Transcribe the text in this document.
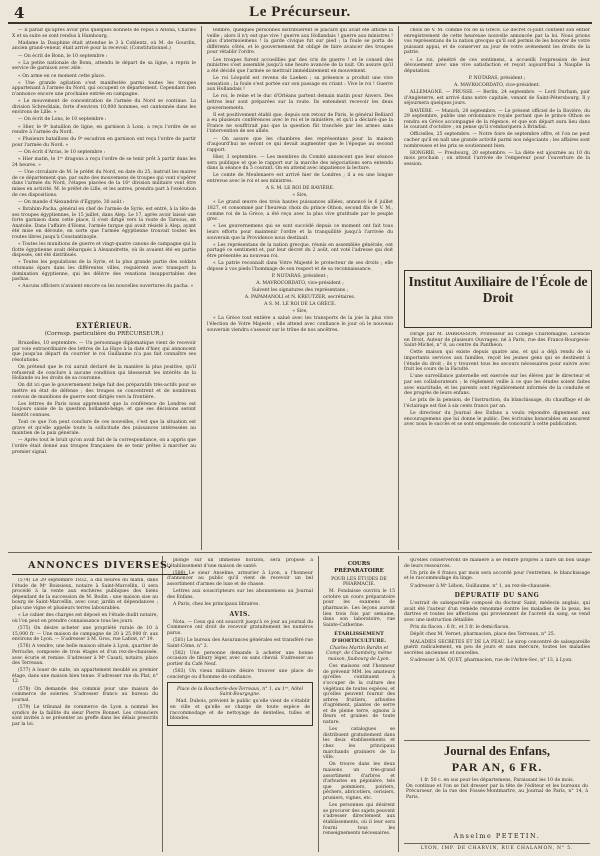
4	Le Précurseur.

— Il paraît qu'après avoir pris quelques bonnets de repos à Altona, Charles X et sa suite se sont rendus à Hambourg.

Madame la Dauphine était attendue le 3 à Coblentz, où M. de Gourdin, ancien grand-veneur, était arrivé pour la recevoir. (Constitutionnel.)

— On écrit de Bonn, le 10 septembre :

« La petite nationale de Bonn, attendu le départ de sa ligne, a repris le service de garnison avec zèle.

« On arme en ce moment cette place.

« Une grande agitation s'est manifestée parmi toutes les troupes appartenant à l'armée du Nord, qui occupent ce département. Cependant rien n'annonce encore une prochaine entrée en campagne.

« Le mouvement de concentration de l'armée du Nord se continue. La division Schrecklain, forte d'environ 10,000 hommes, est cantonnée dans les environs de Lille. »

— On écrit de Lons, le 10 septembre :

« Hier, le 9ᵉ bataillon de ligne, en garnison à Lons, a reçu l'ordre de se rendre à l'armée du Nord.

« Plusieurs bataillons du 9ᵉ escadron en garnison ont reçu l'ordre de partir pour l'armée du Nord. »

— On écrit d'Arras, le 10 septembre :

« Hier matin, le 1ᵉʳ dragons a reçu l'ordre de se tenir prêt à partir dans les 24 heures. »

— Une circulaire de M. le préfet du Nord, en date du 25, instruit les maires de ce département que, par suite des mouvemens de troupes qui vont s'opérer dans l'armée du Nord, l'étapes placées de la 16ᵉ division militaire vont être mises en activité. M. le préfet de Lille, et les autres, prendra part à l'exécution de ces dispositions.

— On mande d'Alexandrie d'Égypte, 30 août :

« Ibrahim-Pacha, général en chef de l'armée de Syrie, est entré, à la tête de ses troupes égyptiennes, le 15 juillet, dans Alep. Le 17, après avoir laissé une forte garnison dans cette place, il s'est dirigé vers la route de Tarsous, en Anatolie. Dans l'affaire d'Homs, l'armée turque qui avait résisté à Alep, ayant été mise en déroute, en sorte que l'armée égyptienne trouvait toutes les routes libres jusqu'à Constantinople.

« Toutes les munitions de guerre et vingt-quatre canons de campagne qui la flotte égyptienne avait débarqués à Alexandrette, où ils avaient été en partie disposés, ont été distribués.

« Toutes les populations de la Syrie, et la plus grande partie des soldats ottomans épars dans les différentes villes, requièrent avec transport la domination égyptienne, qui les délivre des vexations insupportables des pachas.

« Aucuns officiers n'avaient encore su les nouvelles ouvertures du pacha. »

EXTÉRIEUR.
(Corresp. particulière du PRÉCURSEUR.)

Bruxelles, 10 septembre. — Un personnage diplomatique vient de recevoir par voie extraordinaire des lettres de La Haye à la date d'hier, qui annoncent que jusqu'au départ du courrier le roi Guillaume n'a pas fait connaître ses résolutions.

On prétend que le roi aurait déclaré de la manière la plus positive, qu'il refuserait de conclure à aucune condition qui blesserait les intérêts de la Hollande ou les droits de sa couronne.

On dit ici que le gouvernement belge fait des préparatifs très-actifs pour se mettre en état de défense ; des troupes se concentrent et de nombreux convois de munitions de guerre sont dirigés vers la frontière.

Les lettres de Paris nous apprennent que la conférence de Londres est toujours saisie de la question hollando-belge, et que ses décisions seront bientôt connues.

Tout ce que l'on peut conclure de ces nouvelles, c'est que la situation est grave et qu'elle appelle toute la sollicitude des puissances intéressées au maintien de la paix générale.

— Après tout le bruit qu'on avait fait de la correspondance, on a appris que l'ordre était donné aux troupes françaises de se tenir prêtes à marcher au premier signal.

tembre, quelques personnes distribuèrent le placard qui avait été affiché la veille ; alors il n'y eut que vive ! guerre aux Hollandais ! guerre aux ministres ! plus d'atermoiemens ! la garde civique fut sur pied ; la foule se porta de différents côtés, et le gouvernement fut obligé de faire avancer des troupes pour rétablir l'ordre.

Les troupes furent accueillies par des cris de guerre ! et le conseil des ministres s'est assemblé jusqu'à une heure avancée de la nuit. On assure qu'il a été décidé que l'armée se mettrait immédiatement en mouvement.

Le roi Léopold est revenu de Laeken ; sa présence a produit une vive sensation ; la foule s'est portée sur son passage en criant : Vive le roi ! Guerre aux Hollandais !

Le roi, le reine et le duc d'Orléans partent demain matin pour Anvers. Des lettres leur sont préparées sur la route. Ils entendent recevoir les deux gouvernements.

Il est positivement établi que, depuis son retour de Paris, le général Belliard a eu plusieurs conférences avec le roi et le ministère, et qu'il a déclaré que la France ne souffrirait pas que la question fût tranchée par les armes sans l'intervention de ses alliés.

— On assure que les chambres des représentans pour la maison d'aujourd'hui ne seront ce qui devait augmenter que le l'époque au second rapport.

Hier, 3 septembre. — Les membres du Comité annoncent que leur séance sera publique et que le rapport sur la marche des négociations sera entendu dans la séance du 5 courant. On en attend avec impatience la lecture.

Le comte de Meulenaere est arrivé hier de Londres ; il a eu une longue entrevue avec le roi et ses ministres.

A S. M. LE ROI DE BAVIÈRE.

« Sire,

« Le grand œuvre des trois hautes puissances alliées, annoncé le 6 juillet 1827, et consommé par l'heureux choix du prince Othon, second fils de V. M., comme roi de la Grèce, a été reçu avec la plus vive gratitude par le peuple grec.

« Les gouvernemens qui se sont succédé depuis ce moment ont fait tous leurs efforts pour maintenir l'ordre et la tranquillité jusqu'à l'arrivée du souverain que la Providence nous destinait.

« Les représentans de la nation grecque, réunis en assemblée générale, ont partagé ce sentiment et, par leur décret du 2 août, ont voté l'adresse qui doit être présentée au nouveau roi.

« La patrie reconnaît dans Votre Majesté le protecteur de ses droits ; elle dépose à vos pieds l'hommage de son respect et de sa reconnaissance.

P. NOTARAS, président ;

A. MAVROCORDATO, vice-président ;

Suivent les signatures des représentans ;

A. PAPAMANOLI et N. KREUTZER, secrétaires.

A S. M. LE ROI DE LA GRÈCE.

« Sire,

« La Grèce tout entière a salué avec les transports de la joie la plus vive l'élection de Votre Majesté ; elle attend avec confiance le jour où le nouveau souverain viendra s'asseoir sur le trône de nos ancêtres.

choix de V. M. comme roi de la Grèce. Le décret ci-joint contient son entier enregistrement de cette heureuse nouvelle annoncée par la loi. Nous prions vos représentans de la nation grecque qu'il soit permis de les honorer de votre puissant appui, et de conserver au jour de votre avénement les droits de la patrie.

« Le roi, pénétré de ces sentimens, a accueilli l'expression de leur dévouement avec une vive satisfaction et reçoit aujourd'hui à Nauplie la députation.

P. NOTARAS, président ;

A. MAVROCORDATO, vice-président.

ALLEMAGNE. — PRUSSE. — Berlin, 24 septembre. — Lord Durham, pair d'Angleterre, est arrivé dans notre capitale, venant de Saint-Pétersbourg. Il y séjournera quelques jours.

BAVIÈRE. — Munich, 28 septembre. — Le présent officiel de la Bavière, du 29 septembre, publie une ordonnance royale portant que le prince Othon se rendra en Grèce accompagné de la régence, et que son départ aura lieu dans le courant d'octobre ; on pense qu'il s'embarquera à Brindisi.

Officielles, 25 septembre. — Notre foire de septembre offre, et l'on ne peut cacher qu'il en naît une grande activité parmi nos négociants ; les affaires sont nombreuses et les prix se soutiennent bien.

HONGRIE. — Presbourg, 20 septembre. — La diète est ajournée au 10 du mois prochain ; on attend l'arrivée de l'empereur pour l'ouverture de la session.

Institut Auxiliaire de l'École de Droit

Dirigé par M. DARRASSON, Professeur au Collège Charlemagne, Licencié en Droit, Auteur de plusieurs Ouvrages, né à Paris, rue des Francs-Bourgeois-Saint-Michel, n° 8, au centre du Panthéon.

Cette maison qui existe depuis quatre ans, et qui a déjà rendu de si importants services aux familles, reçoit les jeunes gens qui se destinent à l'étude du droit ; ils y trouvent tous les secours nécessaires pour suivre avec fruit les cours de la Faculté.

L'une surveillance paternelle est exercée sur les élèves par le directeur et par ses collaborateurs ; le règlement veille à ce que les études soient faites avec exactitude, et les parents sont régulièrement informés de la conduite et des progrès de leurs enfans.

Le prix de la pension, de l'instruction, du blanchissage, du chauffage et de l'éclairage est fixé à six cents francs par an.

Le directeur du Journal des Enfans a voulu répondre dignement aux encouragemens que lui donne le public. Des écrivains honorables en assurent avec nous le succès et se sont empressés de concourir à cette publication.

ANNONCES DIVERSES.

(574) Le 29 septembre 1832, à dix heures du matin, dans l'étude de Mᵉ Boissieux, notaire à Saint-Marcellin, il sera procédé à la vente aux enchères publiques des biens dépendant de la succession de M. Bodin : une maison sise au bourg de Saint-Marcellin, avec cour, jardin et dépendances ; plus une vigne et plusieurs terres labourables.

« Le cahier des charges est déposé en l'étude dudit notaire, où l'on peut en prendre connaissance tous les jours.

(575) On désire acheter une propriété rurale de 10 à 15,000 fr. — Une maison de campagne de 20 à 25,000 fr. aux environs de Lyon. — S'adresser à M. Gros, rue Lafont, n° 19.

(576) A vendre, une belle maison située à Lyon, quartier de Perrache, composée de trois étages et d'un rez-de-chaussée, avec écurie et remise. S'adresser à Mᵉ Casati, notaire, place des Terreaux.

(577) A louer de suite, un appartement meublé au premier étage, dans une maison bien tenue. S'adresser rue du Plat, n° 12.

(578) On demande des commis pour une maison de commerce de soieries. S'adresser franco au bureau du journal.

(579) Le tribunal de commerce de Lyon a nommé les syndics de la faillite du sieur Pierre Bonnet. Les créanciers sont invités à se présenter au greffe dans les délais prescrits par la loi.

plongé sur un immense horizon, sera proposé à l'établissement d'une maison de santé.

(580) Le sieur Anselme, armurier à Lyon, a l'honneur d'annoncer au public qu'il vient de recevoir un bel assortiment d'armes de luxe et de chasse.

Lettres aux souscripteurs sur les abonnemens au Journal des Enfans.

A Paris, chez les principaux libraires.

AVIS.

Nota. — Ceux qui ont souscrit jusqu'à ce jour au journal du Commerce ont droit de recevoir gratuitement les numéros parus.

(581) Le bureau des Assurances générales est transféré rue Saint-Côme, n° 2.

(582) Une personne demande à acheter une bonne occasion de tilbury léger, avec ou sans cheval. S'adresser au portier du Café Neuf.

(583) Un vieux militaire désire trouver une place de concierge ou d'homme de confiance.

Place de la Boucherie-des-Terreaux, n° 1, au 1ᵉʳ, hôtel Saint-Bourgogne.

Mad. Dubois, prévient le public qu'elle vient de s'établir en ville et qu'elle se charge de toute espèce de raccommodage et de nettoyage de dentelles, tulles et blondes.

COURS PRÉPARATOIRE

POUR LES ÉTUDES DE PHARMACIE.

M. Fondaisse ouvrira le 15 octobre un cours préparatoire pour les examens de pharmacie. Les leçons auront lieu trois fois par semaine, dans son laboratoire, rue Sainte-Catherine.

ÉTABLISSEMENT D'HORTICULTURE.

Charles Martin Bardin et Compᵉ, de Chambéry, même maison, faubourg de Lyon.

Ces maisons ont l'honneur de prévenir MM. les amateurs qu'elles continuent à s'occuper de la culture des végétaux de toutes espèces, et qu'elles peuvent fournir des arbres fruitiers, arbustes d'agrément, plantes de serre et de pleine terre, ognons à fleurs et graines de toute nature.

Les catalogues se distribuent gratuitement dans les deux établissements et chez les principaux marchands grainiers de la ville.

On trouve dans les deux maisons un très-grand assortiment d'arbres et d'arbustes en pépinière, tels que pommiers, poiriers, pêchers, abricotiers, cerisiers, pruniers, vignes, etc.

Les personnes qui désirent se procurer des sujets peuvent s'adresser directement aux établissements, où il leur sera fourni tous les renseignements nécessaires.

qu'elles conserveront de manière à se rendre propres à faire un bon usage de leurs ressources.

Un prix de 6 francs par mois sera accordé pour l'entretien, le blanchissage et le raccommodage du linge.

S'adresser à Mᵉ Lébon, Guillaume, n° 1, au rez-de-chaussée.

DÉPURATIF DU SANG

L'extrait de salsepareille composé du docteur Saint, médecin anglais, qui avait été l'auteur d'un remède renommé contre les maladies de la peau, les dartres et toutes les affections qui proviennent de l'acreté du sang, se vend avec une instruction détaillée.

Prix du flacon : 6 fr., et 3 fr. le demi-flacon.

Dépôt chez M. Vernet, pharmacien, place des Terreaux, n° 25.

MALADIES SECRÈTES ET DE LA PEAU. Le sirop concentré de salsepareille guérit radicalement, en peu de jours et sans mercure, toutes les maladies secrètes anciennes et nouvelles.

S'adresser à M. QUET, pharmacien, rue de l'Arbre-Sec, n° 13, à Lyon.

Journal des Enfans,
PAR AN, 6 FR.
1 fr. 50 c. en sus pour les départemens, Paraissant les 10 de mois.
On continue et l'on se fait dresser par la tête de l'éditeur et les bureaux du Précurseur, de la rue des Fossés-Montmartre, au Journal de Paris, n° 14, à Paris.
Anselme PETETIN.
LYON, IMP. DE CHARVIN, RUE CHALAMON, N° 5.
